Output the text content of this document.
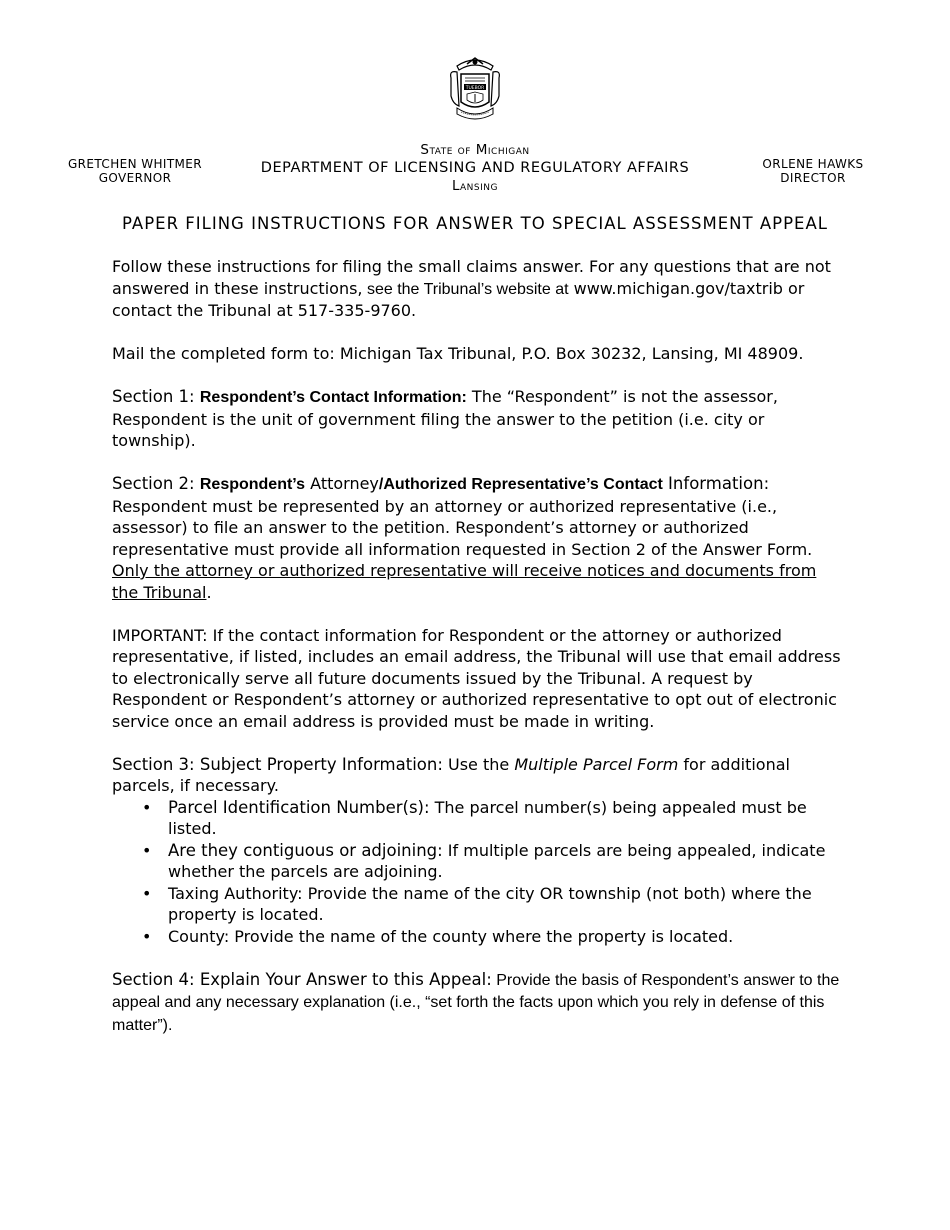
TUEBOR
GRETCHEN WHITMER
GOVERNOR
State of Michigan
DEPARTMENT OF LICENSING AND REGULATORY AFFAIRS
Lansing
ORLENE HAWKS
DIRECTOR
PAPER FILING INSTRUCTIONS FOR ANSWER TO SPECIAL ASSESSMENT APPEAL

Follow these instructions for filing the small claims answer. For any questions that are not answered in these instructions, see the Tribunal’s website at www.michigan.gov/taxtrib or contact the Tribunal at 517-335-9760.

Mail the completed form to: Michigan Tax Tribunal, P.O. Box 30232, Lansing, MI 48909.

Section 1: Respondent’s Contact Information: The “Respondent” is not the assessor, Respondent is the unit of government filing the answer to the petition (i.e. city or township).

Section 2: Respondent’s Attorney/Authorized Representative’s Contact Information: Respondent must be represented by an attorney or authorized representative (i.e., assessor) to file an answer to the petition. Respondent’s attorney or authorized representative must provide all information requested in Section 2 of the Answer Form. Only the attorney or authorized representative will receive notices and documents from the Tribunal.

IMPORTANT: If the contact information for Respondent or the attorney or authorized representative, if listed, includes an email address, the Tribunal will use that email address to electronically serve all future documents issued by the Tribunal. A request by Respondent or Respondent’s attorney or authorized representative to opt out of electronic service once an email address is provided must be made in writing.

Section 3: Subject Property Information: Use the Multiple Parcel Form for additional parcels, if necessary.

• Parcel Identification Number(s): The parcel number(s) being appealed must be listed.
• Are they contiguous or adjoining: If multiple parcels are being appealed, indicate whether the parcels are adjoining.
• Taxing Authority: Provide the name of the city OR township (not both) where the property is located.
• County: Provide the name of the county where the property is located.

Section 4: Explain Your Answer to this Appeal: Provide the basis of Respondent’s answer to the appeal and any necessary explanation (i.e., “set forth the facts upon which you rely in defense of this matter”).
